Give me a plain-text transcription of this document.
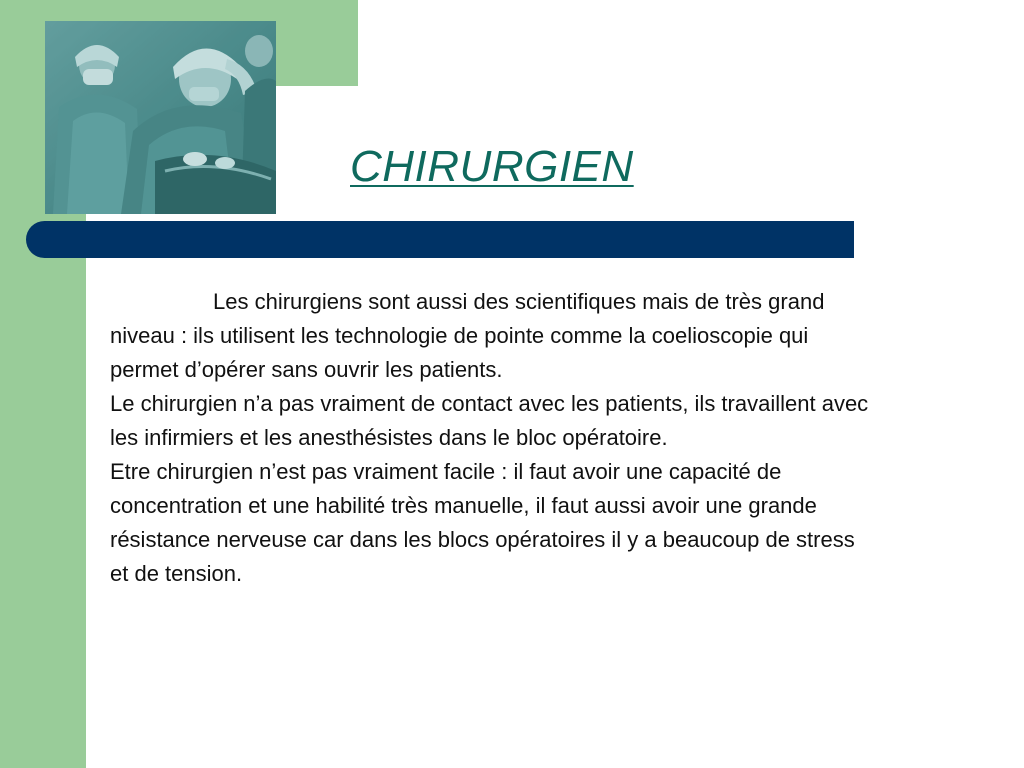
CHIRURGIEN

Les chirurgiens sont aussi des scientifiques mais de très grand niveau : ils utilisent les technologie de pointe comme la coelioscopie qui permet d’opérer sans ouvrir les patients.

Le chirurgien n’a pas vraiment de contact avec les patients, ils travaillent avec les infirmiers et les anesthésistes dans le bloc opératoire.

Etre chirurgien n’est pas vraiment facile : il faut avoir une capacité de concentration et une habilité très manuelle, il faut aussi avoir une grande résistance nerveuse car dans les blocs opératoires il y a beaucoup de stress et de tension.
